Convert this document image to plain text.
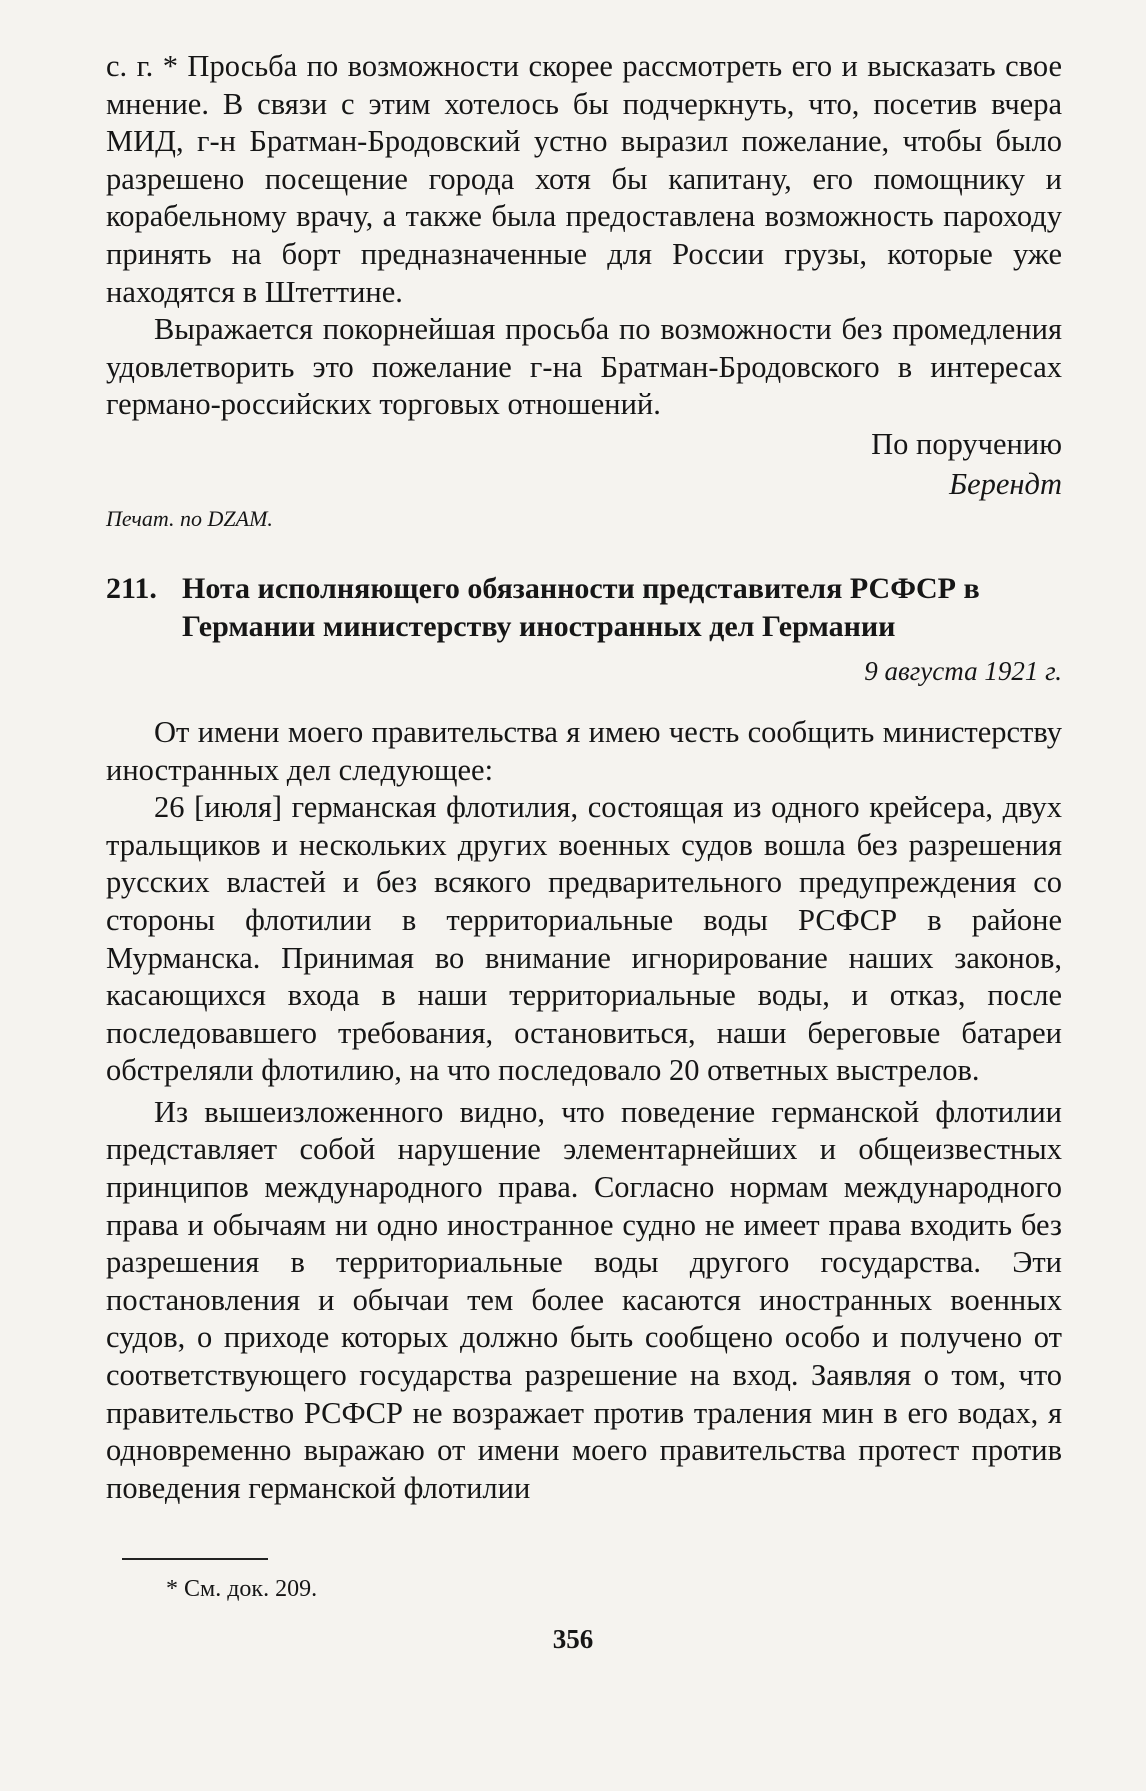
с. г. * Просьба по возможности скорее рассмотреть его и высказать свое мнение. В связи с этим хотелось бы подчеркнуть, что, посетив вчера МИД, г-н Братман-Бродовский устно выразил пожелание, чтобы было разрешено посещение города хотя бы капитану, его помощнику и корабельному врачу, а также была предоставлена возможность пароходу принять на борт предназначенные для России грузы, которые уже находятся в Штеттине.

Выражается покорнейшая просьба по возможности без промедления удовлетворить это пожелание г-на Братман-Бродовского в интересах германо-российских торговых отношений.

По поручению

Берендт

Печат. по DZAM.

211. Нота исполняющего обязанности представителя РСФСР в Германии министерству иностранных дел Германии

9 августа 1921 г.

От имени моего правительства я имею честь сообщить министерству иностранных дел следующее:

26 [июля] германская флотилия, состоящая из одного крейсера, двух тральщиков и нескольких других военных судов вошла без разрешения русских властей и без всякого предварительного предупреждения со стороны флотилии в территориальные воды РСФСР в районе Мурманска. Принимая во внимание игнорирование наших законов, касающихся входа в наши территориальные воды, и отказ, после последовавшего требования, остановиться, наши береговые батареи обстреляли флотилию, на что последовало 20 ответных выстрелов.

Из вышеизложенного видно, что поведение германской флотилии представляет собой нарушение элементарнейших и общеизвестных принципов международного права. Согласно нормам международного права и обычаям ни одно иностранное судно не имеет права входить без разрешения в территориальные воды другого государства. Эти постановления и обычаи тем более касаются иностранных военных судов, о приходе которых должно быть сообщено особо и получено от соответствующего государства разрешение на вход. Заявляя о том, что правительство РСФСР не возражает против траления мин в его водах, я одновременно выражаю от имени моего правительства протест против поведения германской флотилии

* См. док. 209.

356
